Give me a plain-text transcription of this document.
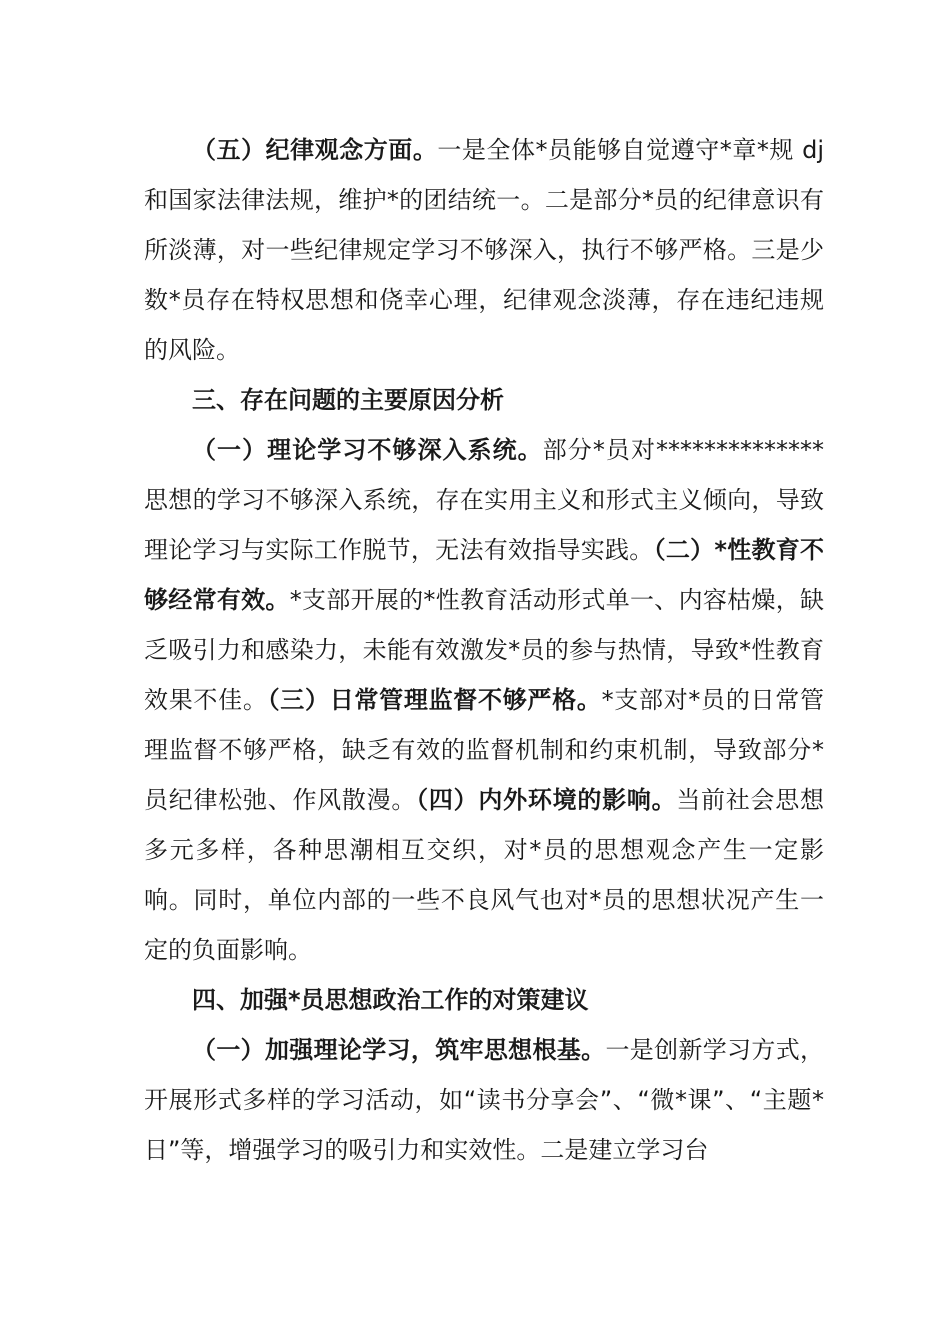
（五）纪律观念方面。一是全体*员能够自觉遵守*章*规 dj 和国家法律法规，维护*的团结统一。二是部分*员的纪律意识有所淡薄，对一些纪律规定学习不够深入，执行不够严格。三是少数*员存在特权思想和侥幸心理，纪律观念淡薄，存在违纪违规的风险。

三、存在问题的主要原因分析

（一）理论学习不够深入系统。部分*员对**************思想的学习不够深入系统，存在实用主义和形式主义倾向，导致理论学习与实际工作脱节，无法有效指导实践。（二）*性教育不够经常有效。*支部开展的*性教育活动形式单一、内容枯燥，缺乏吸引力和感染力，未能有效激发*员的参与热情，导致*性教育效果不佳。（三）日常管理监督不够严格。*支部对*员的日常管理监督不够严格，缺乏有效的监督机制和约束机制，导致部分*员纪律松弛、作风散漫。（四）内外环境的影响。当前社会思想多元多样，各种思潮相互交织，对*员的思想观念产生一定影响。同时，单位内部的一些不良风气也对*员的思想状况产生一定的负面影响。

四、加强*员思想政治工作的对策建议

（一）加强理论学习，筑牢思想根基。一是创新学习方式，开展形式多样的学习活动，如“读书分享会”、“微*课”、“主题*日”等，增强学习的吸引力和实效性。二是建立学习台
